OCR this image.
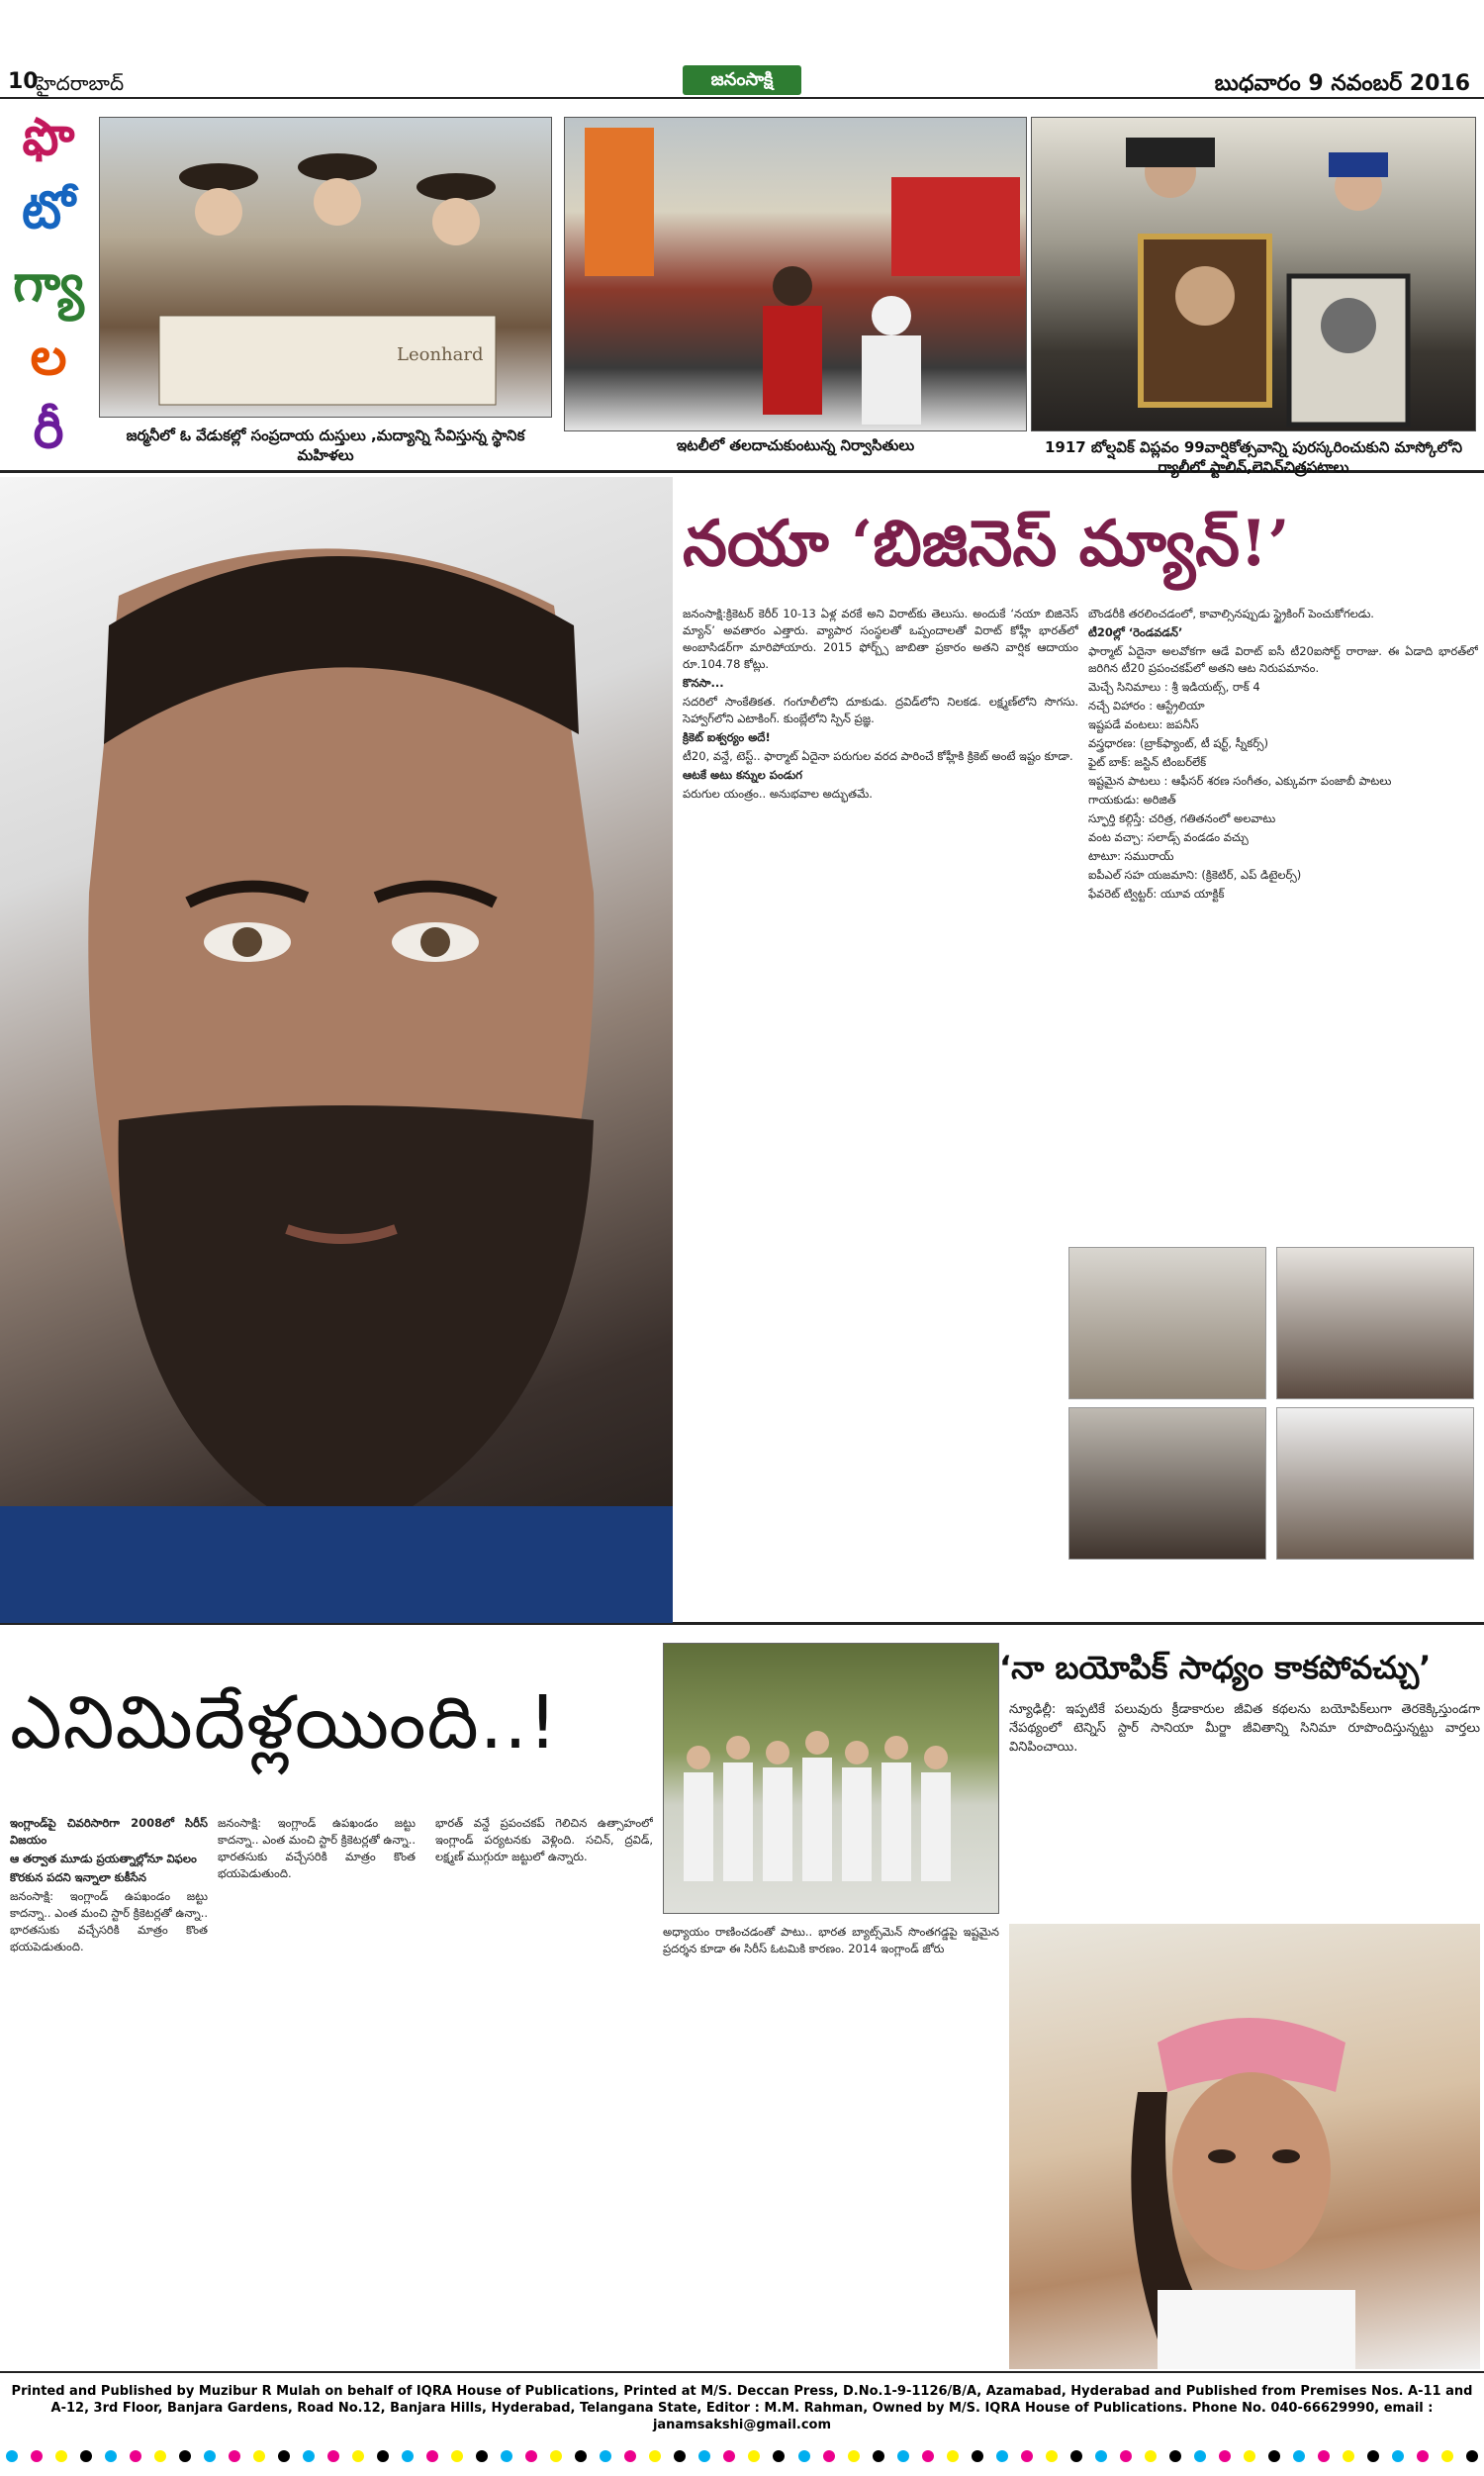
10
హైదరాబాద్	జనంసాక్షి	బుధవారం 9 నవంబర్ 2016
ఫొ
టో
గ్యా
ల
రీ
Leonhard
జర్మనీలో ఓ వేడుకల్లో సంప్రదాయ దుస్తులు ,మద్యాన్ని సేవిస్తున్న స్థానిక మహిళలు
ఇటలీలో తలదాచుకుంటున్న నిర్వాసితులు	1917 బోల్షవిక్ విప్లవం 99వార్షికోత్సవాన్ని పురస్కరించుకుని మాస్కోలోని ర్యాలీలో స్టాలిన్,లెనిన్‌చిత్రపటాలు
నయా ‘బిజినెస్ మ్యాన్!’

జనంసాక్షి:క్రికెటర్ కెరీర్ 10-13 ఏళ్ల వరకే అని విరాట్‌కు తెలుసు. అందుకే ‘నయా బిజినెస్ మ్యాన్’ అవతారం ఎత్తారు. వ్యాపార సంస్థలతో ఒప్పందాలతో విరాట్ కోహ్లీ భారత్‌లో అంబాసిడర్‌గా మారిపోయారు. 2015 ఫోర్బ్స్ జాబితా ప్రకారం అతని వార్షిక ఆదాయం రూ.104.78 కోట్లు.

కొనసా...

సదరిలో సాంకేతికత. గంగూలీలోని దూకుడు. ద్రవిడ్‌లోని నిలకడ. లక్ష్మణ్‌లోని సొగసు. సెహ్వాగ్‌లోని ఎటాకింగ్. కుంబ్లేలోని స్పిన్ ప్రజ్ఞ.

క్రికెట్ ఐశ్వర్యం అదే!

టీ20, వన్డే, టెస్ట్.. ఫార్మాట్‌ ఏదైనా పరుగుల వరద పారించే కోహ్లీకి క్రికెట్ అంటే ఇష్టం కూడా.

ఆటకే అటు కన్నుల పండుగ

పరుగుల యంత్రం.. అనుభవాల అద్భుతమే.

బౌండరీకి తరలించడంలో, కావాల్సినప్పుడు స్ట్రైకింగ్ పెంచుకోగలడు.

టీ20ల్లో ‘రెండవడన్’

ఫార్మాట్ ఏదైనా అలవోకగా ఆడే విరాట్ ఐసీ టీ20ఐసోర్ట్ రారాజు. ఈ ఏడాది భారత్‌లో జరిగిన టీ20 ప్రపంచకప్‌లో అతని ఆట నిరుపమానం.

మెచ్చే సినిమాలు : శ్రీ ఇడియట్స్, రాక్ 4

నచ్చే విహారం : ఆస్ట్రేలియా

ఇష్టపడే వంటలు: జపనీస్

వస్త్రధారణ: (బ్రాక్‌ఫ్యాంట్, టీ షర్ట్, స్నీకర్స్)

ఫైట్ బాక్: జస్టిన్ టింబర్‌లేక్

ఇష్టమైన పాటలు : ఆఫీసర్ శరణ సంగీతం, ఎక్కువగా పంజాబీ పాటలు

గాయకుడు: అరిజిత్

స్ఫూర్తి కల్గిస్తే: చరిత్ర, గతితనంలో అలవాటు

వంట వచ్చా: సలాడ్స్ వండడం వచ్చు

టాటూ: సమురాయ్

ఐపీఎల్ సహ యజమాని: (క్రికెటిర్, ఎప్ డిటైలర్స్)

ఫేవరెట్ ట్విట్టర్: యూవ యాక్టిక్

ఎనిమిదేళ్లయింది..!

ఇంగ్లాండ్‌పై చివరిసారిగా 2008లో సిరీస్ విజయం

ఆ తర్వాత మూడు ప్రయత్నాల్లోనూ విఫలం

కొరకున పదని ఇన్నాలా కుకీసేన

జనంసాక్షి: ఇంగ్లాండ్ ఉపఖండం జట్టు కాదన్నా.. ఎంత మంచి స్టార్ క్రికెటర్లతో ఉన్నా.. భారతసుకు వచ్చేసరికి మాత్రం కొంత భయపెడుతుంది.

జనంసాక్షి: ఇంగ్లాండ్ ఉపఖండం జట్టు కాదన్నా.. ఎంత మంచి స్టార్ క్రికెటర్లతో ఉన్నా.. భారతసుకు వచ్చేసరికి మాత్రం కొంత భయపెడుతుంది.

భారత్ వన్డే ప్రపంచకప్ గెలిచిన ఉత్సాహంలో ఇంగ్లాండ్ పర్యటనకు వెళ్లింది. సచిన్, ద్రవిడ్, లక్ష్మణ్ ముగ్గురూ జట్టులో ఉన్నారు.

అధ్యాయం రాణించడంతో పాటు.. భారత బ్యాట్స్‌మెన్ సొంతగడ్డపై ఇష్టమైన ప్రదర్శన కూడా ఈ సిరీస్ ఓటమికి కారణం. 2014 ఇంగ్లాండ్ జోరు

‘నా బయోపిక్ సాధ్యం కాకపోవచ్చు’

న్యూఢిల్లీ: ఇప్పటికే పలువురు క్రీడాకారుల జీవిత కథలను బయోపిక్‌లుగా తెరకెక్కిస్తుండగా నేపథ్యంలో టెన్నిస్ స్టార్ సానియా మీర్జా జీవితాన్ని సినిమా రూపొందిస్తున్నట్టు వార్తలు వినిపించాయి.

Printed and Published by Muzibur R Mulah on behalf of IQRA House of Publications, Printed at M/S. Deccan Press, D.No.1-9-1126/B/A, Azamabad, Hyderabad and Published from Premises Nos. A-11 and A-12, 3rd Floor, Banjara Gardens, Road No.12, Banjara Hills, Hyderabad, Telangana State, Editor : M.M. Rahman, Owned by M/S. IQRA House of Publications. Phone No. 040-66629990, email : janamsakshi@gmail.com
